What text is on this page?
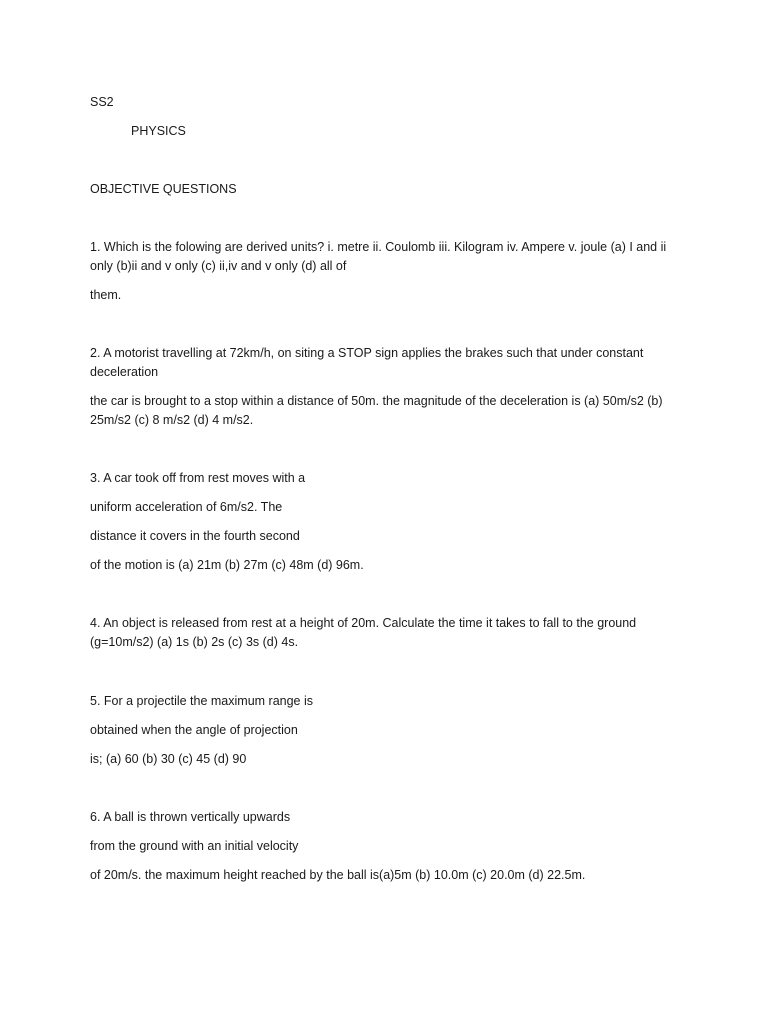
SS2

PHYSICS

OBJECTIVE QUESTIONS

1. Which is the folowing are derived units? i. metre ii. Coulomb iii. Kilogram iv. Ampere v. joule (a) I and ii only (b)ii and v only (c) ii,iv and v only (d) all of

them.

2. A motorist travelling at 72km/h, on siting a STOP sign applies the brakes such that under constant deceleration

the car is brought to a stop within a distance of 50m. the magnitude of the deceleration is (a) 50m/s2 (b) 25m/s2 (c) 8 m/s2 (d) 4 m/s2.

3. A car took off from rest moves with a

uniform acceleration of 6m/s2. The

distance it covers in the fourth second

of the motion is (a) 21m (b) 27m (c) 48m (d) 96m.

4. An object is released from rest at a height of 20m. Calculate the time it takes to fall to the ground (g=10m/s2) (a) 1s (b) 2s (c) 3s (d) 4s.

5. For a projectile the maximum range is

obtained when the angle of projection

is; (a) 60 (b) 30 (c) 45 (d) 90

6. A ball is thrown vertically upwards

from the ground with an initial velocity

of 20m/s. the maximum height reached by the ball is(a)5m (b) 10.0m (c) 20.0m (d) 22.5m.
